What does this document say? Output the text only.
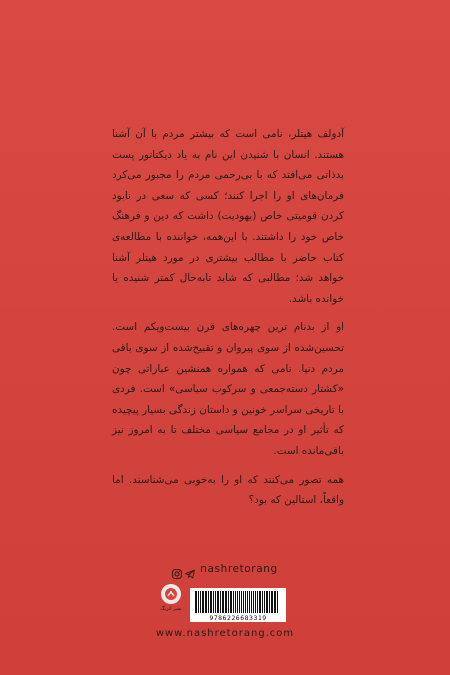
آدولف هیتلر، نامی است که بیشتر مردم با آن آشنا هستند. انسان با شنیدن این نام به یاد دیکتاتور پست بدذاتی می‌افتد که با بی‌رحمی مردم را مجبور می‌کرد فرمان‌های او را اجرا کنند؛ کسی که سعی در نابود کردن قومیتی خاص (یهودیت) داشت که دین و فرهنگ خاص خود را داشتند. با این‌همه، خواننده با مطالعه‌ی کتاب حاضر با مطالب بیشتری در مورد هیتلر آشنا خواهد شد؛ مطالبی که شاید تا‌به‌حال کمتر شنیده یا خوانده باشد.

او از بدنام ترین چهره‌های قرن بیست‌ویکم است. تحسین‌شده از سوی پیروان و تقبیح‌شده از سوی باقی مردم دنیا. نامی که همواره همنشین عباراتی چون «کشتار دسته‌جمعی و سرکوب سیاسی» است. فردی با تاریخی سراسر خونین و داستان زندگی بسیار پیچیده که تأثیر او در مجامع سیاسی مختلف تا به امروز نیز باقی‌مانده است.

همه تصور می‌کنند که او را به‌خوبی می‌شناسند. اما واقعاً، استالین که بود؟

nashretorang
نشر اترنگ
9786226683319
www.nashretorang.com
